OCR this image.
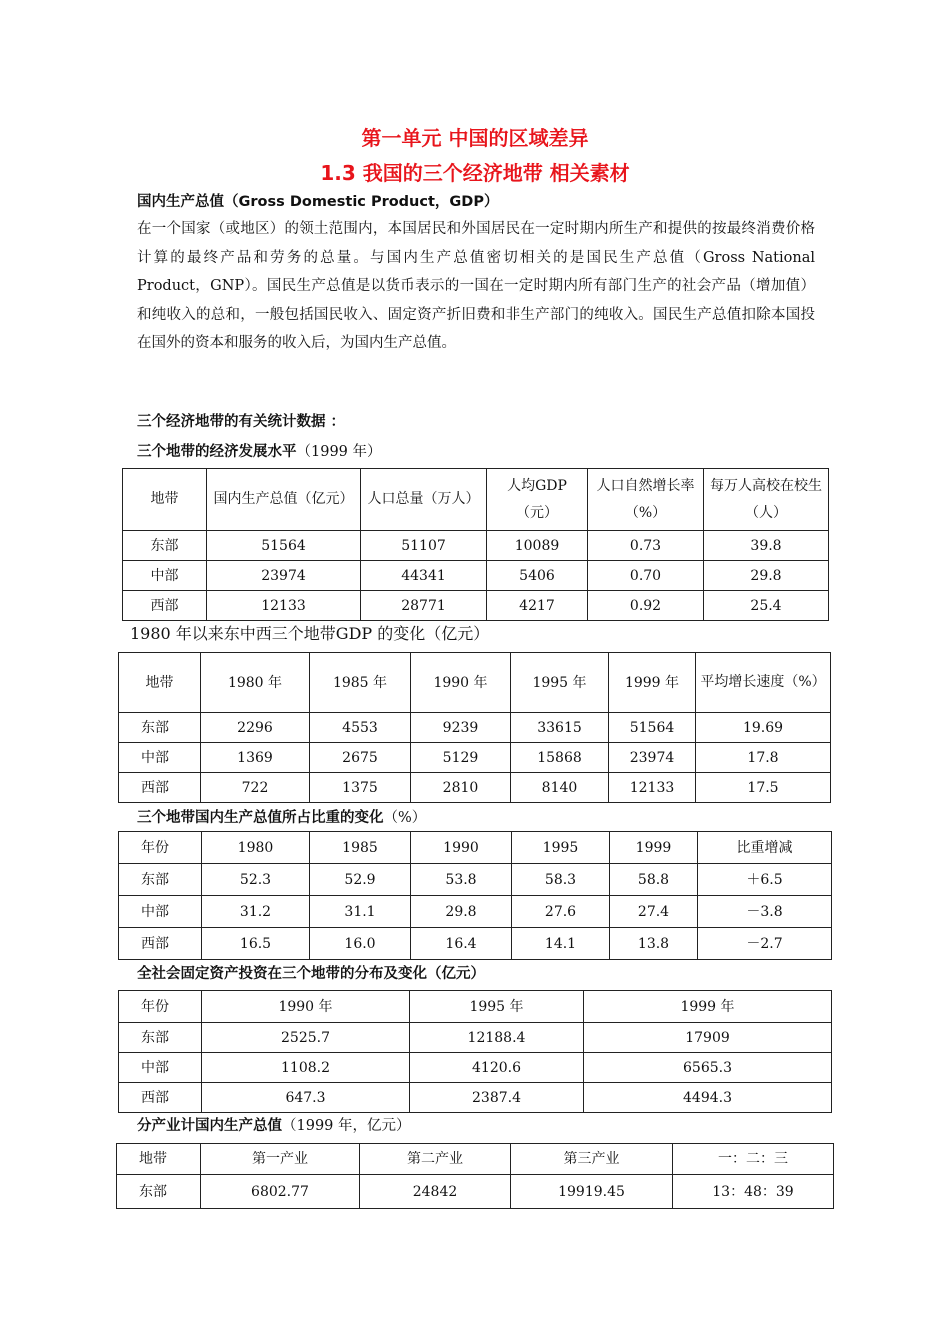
第一单元 中国的区域差异
1.3 我国的三个经济地带 相关素材
国内生产总值（Gross Domestic Product，GDP）
在一个国家（或地区）的领土范围内，本国居民和外国居民在一定时期内所生产和提供的按最终消费价格计算的最终产品和劳务的总量。与国内生产总值密切相关的是国民生产总值（Gross National Product，GNP）。国民生产总值是以货币表示的一国在一定时期内所有部门生产的社会产品（增加值）和纯收入的总和，一般包括国民收入、固定资产折旧费和非生产部门的纯收入。国民生产总值扣除本国投在国外的资本和服务的收入后，为国内生产总值。
三个经济地带的有关统计数据 ：
三个地带的经济发展水平（1999 年）
地带	国内生产总值（亿元）	人口总量（万人）	人均GDP（元）	人口自然增长率（%）	每万人高校在校生（人）
东部	51564	51107	10089	0.73	39.8
中部	23974	44341	5406	0.70	29.8
西部	12133	28771	4217	0.92	25.4
1980 年以来东中西三个地带GDP 的变化（亿元）
地带	1980 年	1985 年	1990 年	1995 年	1999 年	平均增长速度（%）
东部	2296	4553	9239	33615	51564	19.69
中部	1369	2675	5129	15868	23974	17.8
西部	722	1375	2810	8140	12133	17.5
三个地带国内生产总值所占比重的变化（%）
年份	1980	1985	1990	1995	1999	比重增减
东部	52.3	52.9	53.8	58.3	58.8	＋6.5
中部	31.2	31.1	29.8	27.6	27.4	－3.8
西部	16.5	16.0	16.4	14.1	13.8	－2.7
全社会固定资产投资在三个地带的分布及变化（亿元）
年份	1990 年	1995 年	1999 年
东部	2525.7	12188.4	17909
中部	1108.2	4120.6	6565.3
西部	647.3	2387.4	4494.3
分产业计国内生产总值（1999 年，亿元）
地带	第一产业	第二产业	第三产业	一：二：三
东部	6802.77	24842	19919.45	13：48：39
